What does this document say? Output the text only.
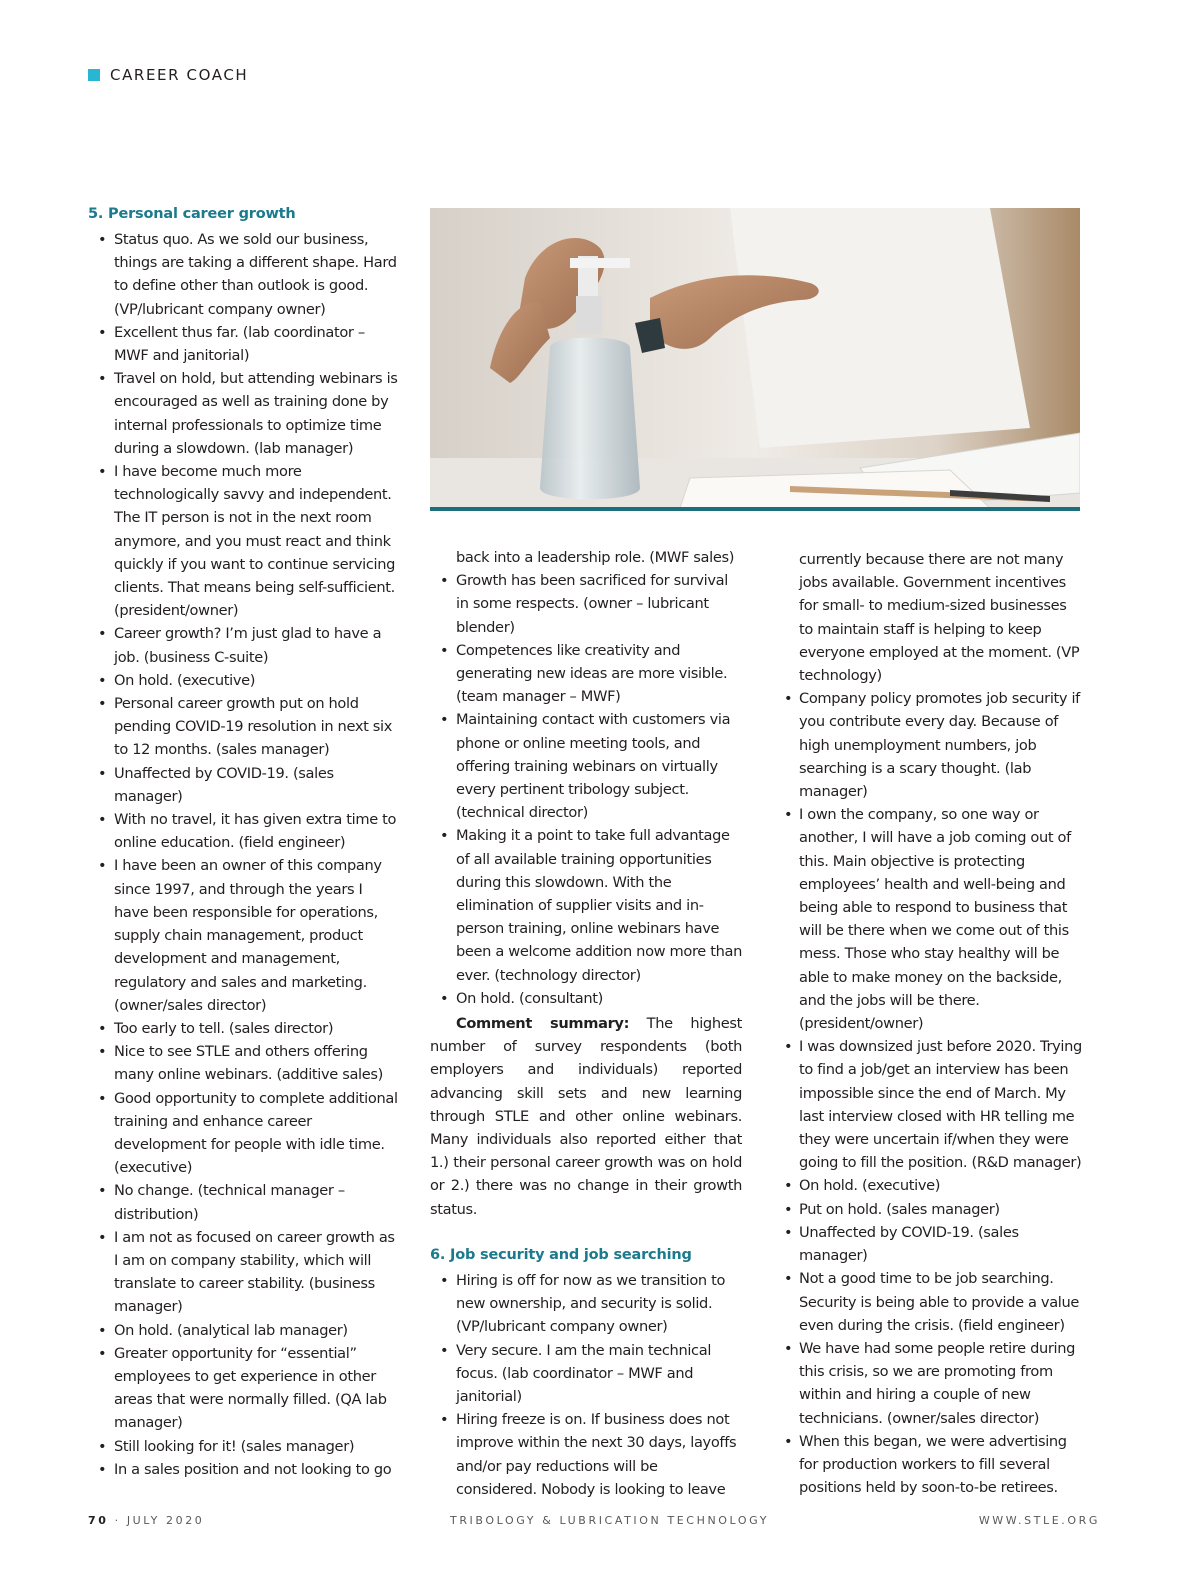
CAREER COACH
5. Personal career growth
• Status quo. As we sold our business, things are taking a different shape. Hard to define other than outlook is good. (VP/lubricant company owner)
• Excellent thus far. (lab coordinator – MWF and janitorial)
• Travel on hold, but attending webinars is encouraged as well as training done by internal professionals to optimize time during a slowdown. (lab manager)
• I have become much more technologically savvy and independent. The IT person is not in the next room anymore, and you must react and think quickly if you want to continue servicing clients. That means being self-sufficient. (president/owner)
• Career growth? I’m just glad to have a job. (business C-suite)
• On hold. (executive)
• Personal career growth put on hold pending COVID-19 resolution in next six to 12 months. (sales manager)
• Unaffected by COVID-19. (sales manager)
• With no travel, it has given extra time to online education. (field engineer)
• I have been an owner of this company since 1997, and through the years I have been responsible for operations, supply chain management, product development and management, regulatory and sales and marketing. (owner/sales director)
• Too early to tell. (sales director)
• Nice to see STLE and others offering many online webinars. (additive sales)
• Good opportunity to complete additional training and enhance career development for people with idle time. (executive)
• No change. (technical manager – distribution)
• I am not as focused on career growth as I am on company stability, which will translate to career stability. (business manager)
• On hold. (analytical lab manager)
• Greater opportunity for “essential” employees to get experience in other areas that were normally filled. (QA lab manager)
• Still looking for it! (sales manager)
• In a sales position and not looking to go
back into a leadership role. (MWF sales)
• Growth has been sacrificed for survival in some respects. (owner – lubricant blender)
• Competences like creativity and generating new ideas are more visible. (team manager – MWF)
• Maintaining contact with customers via phone or online meeting tools, and offering training webinars on virtually every pertinent tribology subject. (technical director)
• Making it a point to take full advantage of all available training opportunities during this slowdown. With the elimination of supplier visits and in-person training, online webinars have been a welcome addition now more than ever. (technology director)
• On hold. (consultant)

Comment summary: The highest number of survey respondents (both employers and individuals) reported advancing skill sets and new learning through STLE and other online webinars. Many individuals also reported either that 1.) their personal career growth was on hold or 2.) there was no change in their growth status.

6. Job security and job searching
• Hiring is off for now as we transition to new ownership, and security is solid. (VP/lubricant company owner)
• Very secure. I am the main technical focus. (lab coordinator – MWF and janitorial)
• Hiring freeze is on. If business does not improve within the next 30 days, layoffs and/or pay reductions will be considered. Nobody is looking to leave
currently because there are not many jobs available. Government incentives for small- to medium-sized businesses to maintain staff is helping to keep everyone employed at the moment. (VP technology)
• Company policy promotes job security if you contribute every day. Because of high unemployment numbers, job searching is a scary thought. (lab manager)
• I own the company, so one way or another, I will have a job coming out of this. Main objective is protecting employees’ health and well-being and being able to respond to business that will be there when we come out of this mess. Those who stay healthy will be able to make money on the backside, and the jobs will be there. (president/owner)
• I was downsized just before 2020. Trying to find a job/get an interview has been impossible since the end of March. My last interview closed with HR telling me they were uncertain if/when they were going to fill the position. (R&D manager)
• On hold. (executive)
• Put on hold. (sales manager)
• Unaffected by COVID-19. (sales manager)
• Not a good time to be job searching. Security is being able to provide a value even during the crisis. (field engineer)
• We have had some people retire during this crisis, so we are promoting from within and hiring a couple of new technicians. (owner/sales director)
• When this began, we were advertising for production workers to fill several positions held by soon-to-be retirees.
70 · JULY 2020	TRIBOLOGY & LUBRICATION TECHNOLOGY	WWW.STLE.ORG
